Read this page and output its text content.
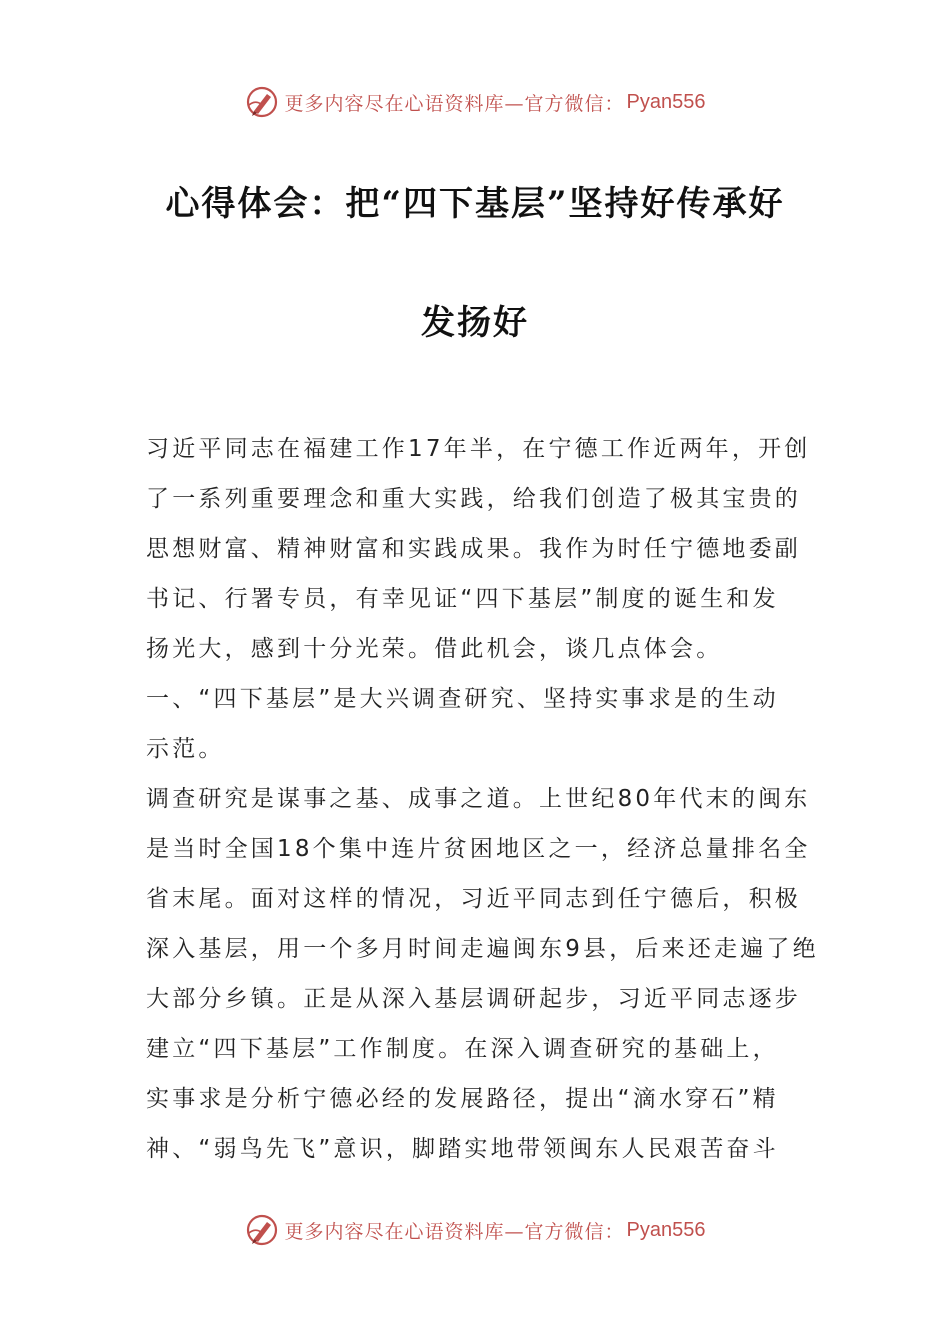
更多内容尽在心语资料库—官方微信： Pyan556
心得体会：把“四下基层”坚持好传承好
发扬好
习近平同志在福建工作17年半，在宁德工作近两年，开创
了一系列重要理念和重大实践，给我们创造了极其宝贵的
思想财富、精神财富和实践成果。我作为时任宁德地委副
书记、行署专员，有幸见证“四下基层”制度的诞生和发
扬光大，感到十分光荣。借此机会，谈几点体会。
一、“四下基层”是大兴调查研究、坚持实事求是的生动
示范。
调查研究是谋事之基、成事之道。上世纪80年代末的闽东
是当时全国18个集中连片贫困地区之一，经济总量排名全
省末尾。面对这样的情况，习近平同志到任宁德后，积极
深入基层，用一个多月时间走遍闽东9县，后来还走遍了绝
大部分乡镇。正是从深入基层调研起步，习近平同志逐步
建立“四下基层”工作制度。在深入调查研究的基础上，
实事求是分析宁德必经的发展路径，提出“滴水穿石”精
神、“弱鸟先飞”意识，脚踏实地带领闽东人民艰苦奋斗
更多内容尽在心语资料库—官方微信： Pyan556
